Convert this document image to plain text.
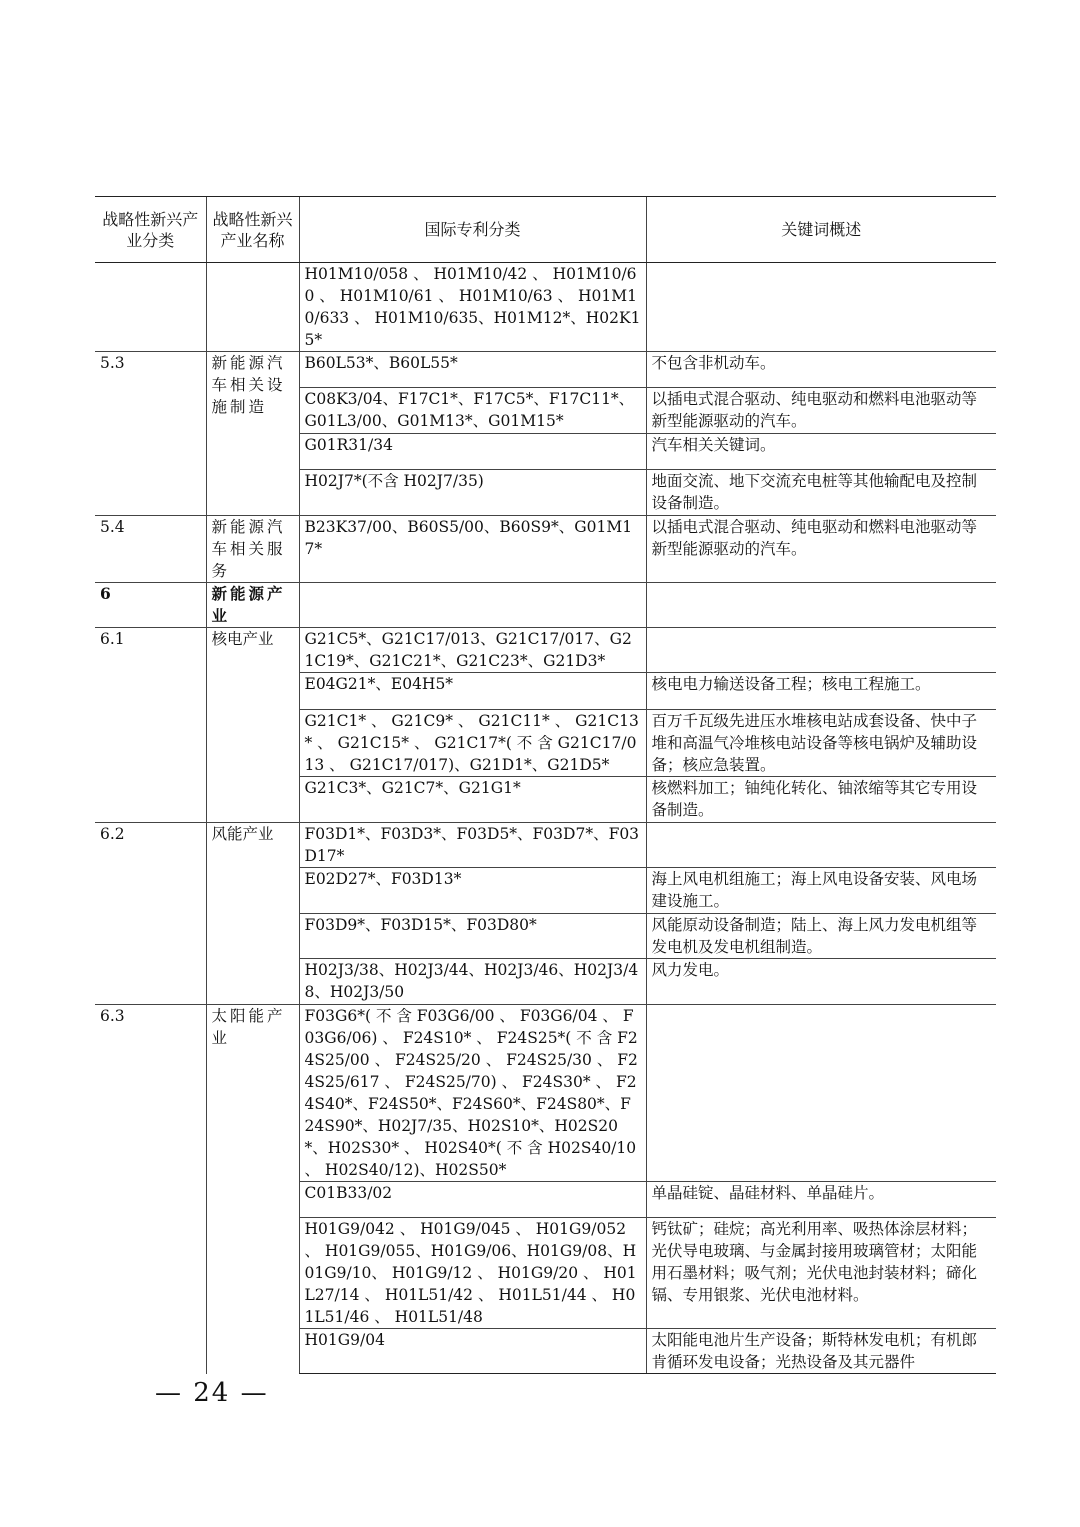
战略性新兴产业分类	战略性新兴产业名称	国际专利分类	关键词概述
		H01M10/058 、 H01M10/42 、 H01M10/60 、 H01M10/61 、 H01M10/63 、 H01M10/633 、 H01M10/635、H01M12*、H02K15*	
5.3	新能源汽车相关设施制造	B60L53*、B60L55*	不包含非机动车。
		C08K3/04、F17C1*、F17C5*、F17C11*、G01L3/00、G01M13*、G01M15*	以插电式混合驱动、纯电驱动和燃料电池驱动等新型能源驱动的汽车。
		G01R31/34	汽车相关关键词。
		H02J7*(不含 H02J7/35)	地面交流、地下交流充电桩等其他输配电及控制设备制造。
5.4	新能源汽车相关服务	B23K37/00、B60S5/00、B60S9*、G01M17*	以插电式混合驱动、纯电驱动和燃料电池驱动等新型能源驱动的汽车。
6	新能源产业		
6.1	核电产业	G21C5*、G21C17/013、G21C17/017、G21C19*、G21C21*、G21C23*、G21D3*	
		E04G21*、E04H5*	核电电力输送设备工程；核电工程施工。
		G21C1* 、 G21C9* 、 G21C11* 、 G21C13* 、 G21C15* 、 G21C17*( 不 含 G21C17/013 、 G21C17/017)、G21D1*、G21D5*	百万千瓦级先进压水堆核电站成套设备、快中子堆和高温气冷堆核电站设备等核电锅炉及辅助设备；核应急装置。
		G21C3*、G21C7*、G21G1*	核燃料加工；铀纯化转化、铀浓缩等其它专用设备制造。
6.2	风能产业	F03D1*、F03D3*、F03D5*、F03D7*、F03D17*	
		E02D27*、F03D13*	海上风电机组施工；海上风电设备安装、风电场建设施工。
		F03D9*、F03D15*、F03D80*	风能原动设备制造；陆上、海上风力发电机组等发电机及发电机组制造。
		H02J3/38、H02J3/44、H02J3/46、H02J3/48、H02J3/50	风力发电。
6.3	太阳能产业	F03G6*( 不 含 F03G6/00 、 F03G6/04 、 F03G6/06) 、 F24S10* 、 F24S25*( 不 含 F24S25/00 、 F24S25/20 、 F24S25/30 、 F24S25/617 、 F24S25/70) 、 F24S30* 、 F24S40*、F24S50*、F24S60*、F24S80*、F24S90*、H02J7/35、H02S10*、H02S20*、H02S30* 、 H02S40*( 不 含 H02S40/10 、 H02S40/12)、H02S50*	
		C01B33/02	单晶硅锭、晶硅材料、单晶硅片。
		H01G9/042 、 H01G9/045 、 H01G9/052 、 H01G9/055、H01G9/06、H01G9/08、H01G9/10、 H01G9/12 、 H01G9/20 、 H01L27/14 、 H01L51/42 、 H01L51/44 、 H01L51/46 、 H01L51/48	钙钛矿；硅烷；高光利用率、吸热体涂层材料；光伏导电玻璃、与金属封接用玻璃管材；太阳能用石墨材料；吸气剂；光伏电池封装材料；碲化镉、专用银浆、光伏电池材料。
		H01G9/04	太阳能电池片生产设备；斯特林发电机；有机郎肯循环发电设备；光热设备及其元器件
— 24 —
